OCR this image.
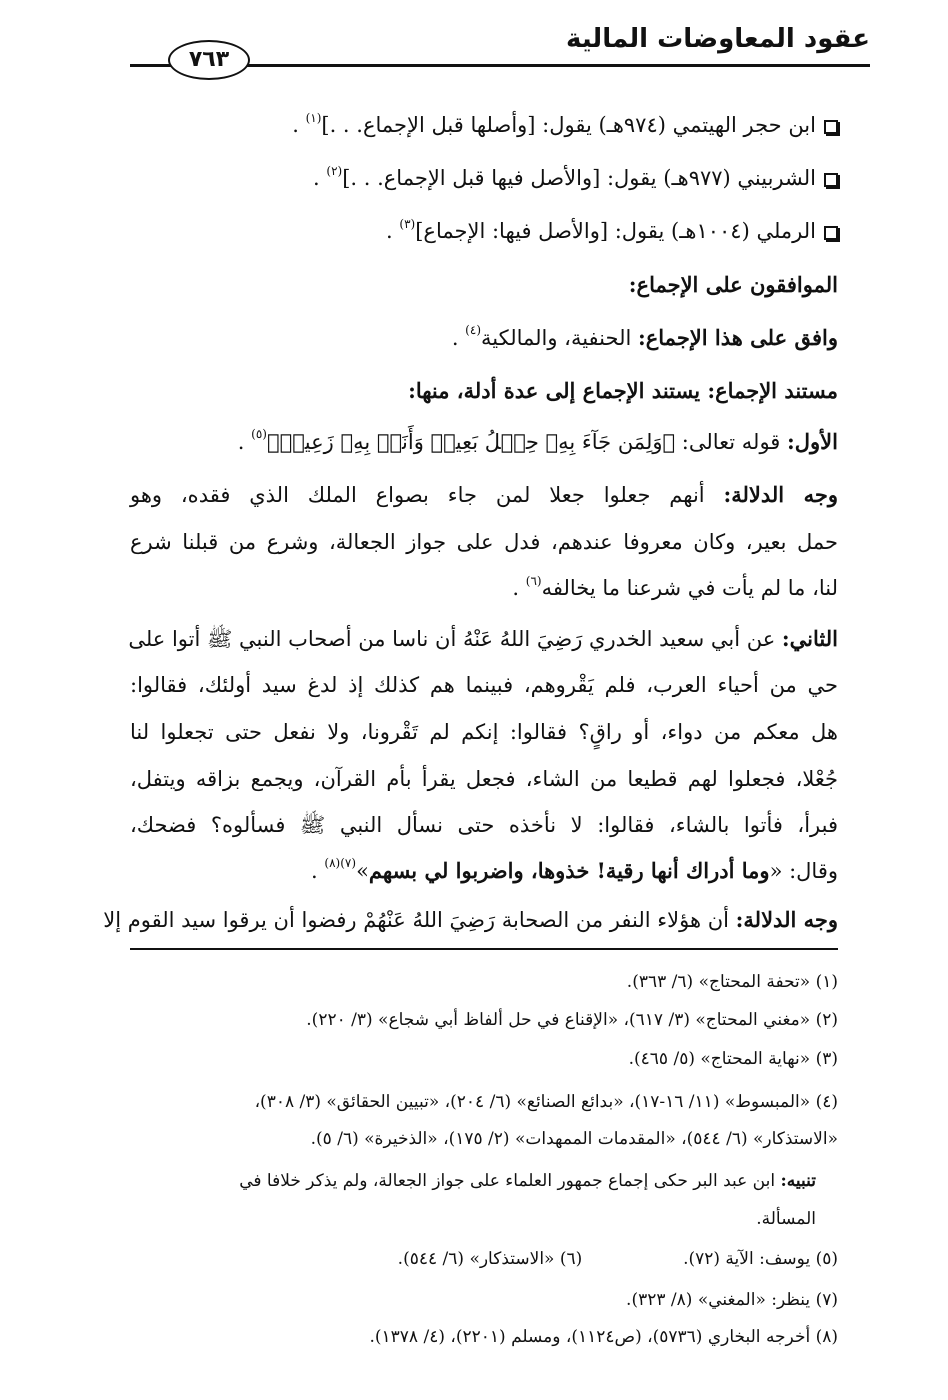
عقود المعاوضات المالية
٧٦٣
ابن حجر الهيتمي (٩٧٤هـ) يقول: [وأصلها قبل الإجماع. . .]$^{(١)}$ .
الشربيني (٩٧٧هـ) يقول: [والأصل فيها قبل الإجماع. . .]$^{(٢)}$ .
الرملي (١٠٠٤هـ) يقول: [والأصل فيها: الإجماع]$^{(٣)}$ .
الموافقون على الإجماع:
وافق على هذا الإجماع: الحنفية، والمالكية$^{(٤)}$ .
مستند الإجماع: يستند الإجماع إلى عدة أدلة، منها:
الأول: قوله تعالى: ﴿وَلِمَن جَآءَ بِهِۦ حِمۡلُ بَعِيرٖ وَأَنَا۠ بِهِۦ زَعِيمٞ﴾$^{(٥)}$ .
وجه الدلالة: أنهم جعلوا جعلا لمن جاء بصواع الملك الذي فقده، وهو
حمل بعير، وكان معروفا عندهم، فدل على جواز الجعالة، وشرع من قبلنا شرع
لنا، ما لم يأت في شرعنا ما يخالفه$^{(٦)}$ .
الثاني: عن أبي سعيد الخدري رَضِيَ اللهُ عَنْهُ أن ناسا من أصحاب النبي ﷺ أتوا على
حي من أحياء العرب، فلم يَقْروهم، فبينما هم كذلك إذ لدغ سيد أولئك، فقالوا:
هل معكم من دواء، أو راقٍ؟ فقالوا: إنكم لم تَقْرونا، ولا نفعل حتى تجعلوا لنا
جُعْلا، فجعلوا لهم قطيعا من الشاء، فجعل يقرأ بأم القرآن، ويجمع بزاقه ويتفل،
فبرأ، فأتوا بالشاء، فقالوا: لا نأخذه حتى نسأل النبي ﷺ فسألوه؟ فضحك،
وقال: «وما أدراك أنها رقية! خذوها، واضربوا لي بسهم»$^{(٧)(٨)}$ .
وجه الدلالة: أن هؤلاء النفر من الصحابة رَضِيَ اللهُ عَنْهُمْ رفضوا أن يرقوا سيد القوم إلا
(١) «تحفة المحتاج» (٦/ ٣٦٣).
(٢) «مغني المحتاج» (٣/ ٦١٧)، «الإقناع في حل ألفاظ أبي شجاع» (٣/ ٢٢٠).
(٣) «نهاية المحتاج» (٥/ ٤٦٥).
(٤) «المبسوط» (١١/ ١٦-١٧)، «بدائع الصنائع» (٦/ ٢٠٤)، «تبيين الحقائق» (٣/ ٣٠٨)،
«الاستذكار» (٦/ ٥٤٤)، «المقدمات الممهدات» (٢/ ١٧٥)، «الذخيرة» (٦/ ٥).
تنبيه: ابن عبد البر حكى إجماع جمهور العلماء على جواز الجعالة، ولم يذكر خلافا في
المسألة.
(٥) يوسف: الآية (٧٢).  (٦) «الاستذكار» (٦/ ٥٤٤).
(٧) ينظر: «المغني» (٨/ ٣٢٣).
(٨) أخرجه البخاري (٥٧٣٦)، (ص١١٢٤)، ومسلم (٢٢٠١)، (٤/ ١٣٧٨).
